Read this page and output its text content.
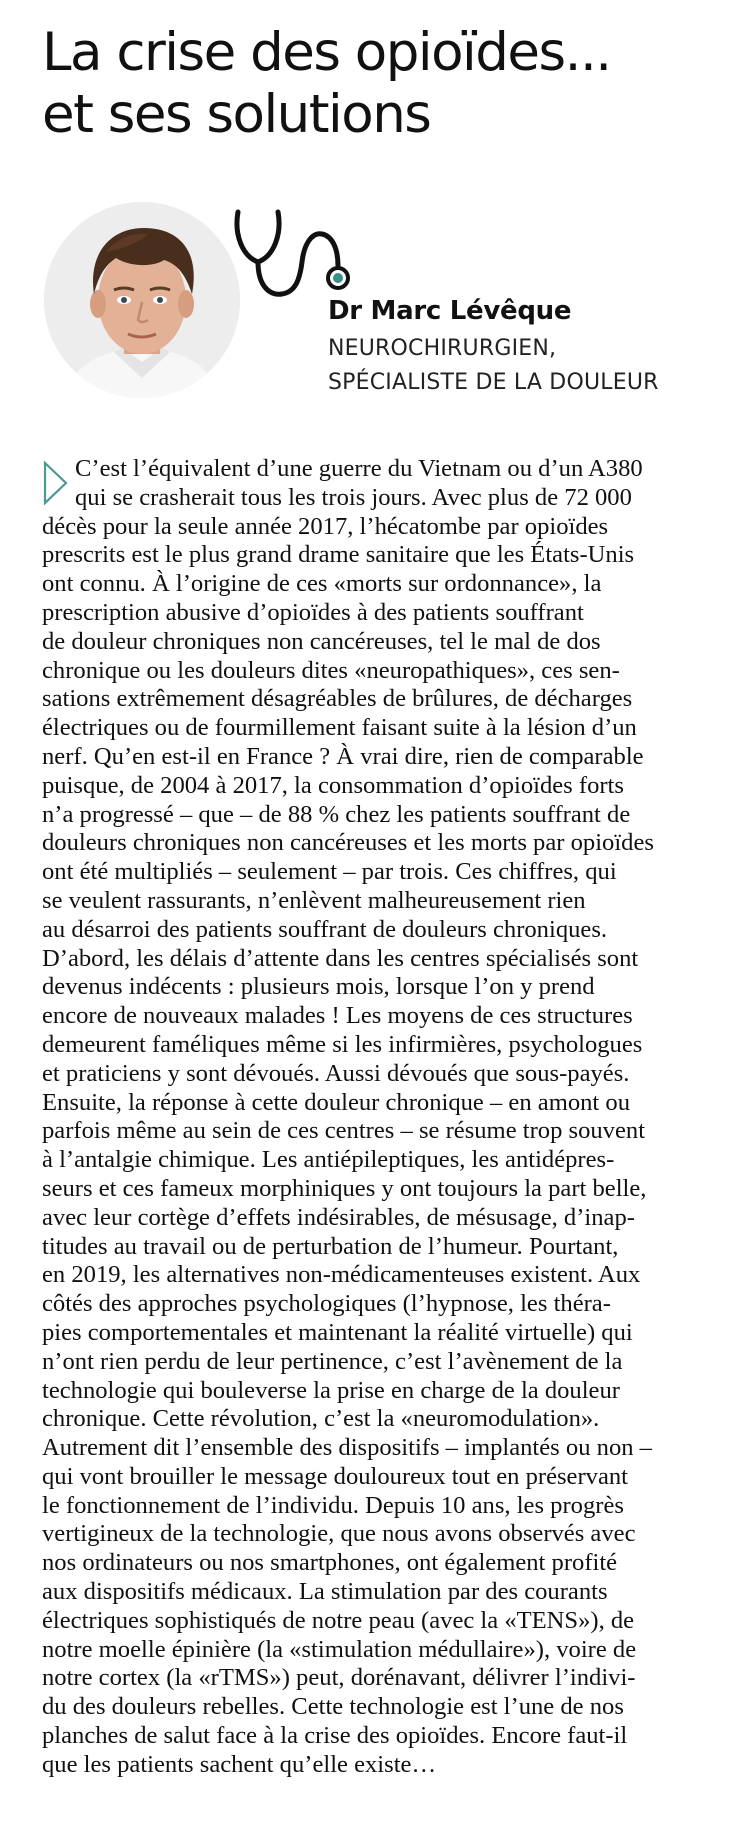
La crise des opioïdes...
et ses solutions
Dr Marc Lévêque
NEUROCHIRURGIEN,
SPÉCIALISTE DE LA DOULEUR
C’est l’équivalent d’une guerre du Vietnam ou d’un A380
qui se crasherait tous les trois jours. Avec plus de 72 000
décès pour la seule année 2017, l’hécatombe par opioïdes
prescrits est le plus grand drame sanitaire que les États-Unis
ont connu. À l’origine de ces «morts sur ordonnance», la
prescription abusive d’opioïdes à des patients souffrant
de douleur chroniques non cancéreuses, tel le mal de dos
chronique ou les douleurs dites «neuropathiques», ces sen-
sations extrêmement désagréables de brûlures, de décharges
électriques ou de fourmillement faisant suite à la lésion d’un
nerf. Qu’en est-il en France ? À vrai dire, rien de comparable
puisque, de 2004 à 2017, la consommation d’opioïdes forts
n’a progressé – que – de 88 % chez les patients souffrant de
douleurs chroniques non cancéreuses et les morts par opioïdes
ont été multipliés – seulement – par trois. Ces chiffres, qui
se veulent rassurants, n’enlèvent malheureusement rien
au désarroi des patients souffrant de douleurs chroniques.
D’abord, les délais d’attente dans les centres spécialisés sont
devenus indécents : plusieurs mois, lorsque l’on y prend
encore de nouveaux malades ! Les moyens de ces structures
demeurent faméliques même si les infirmières, psychologues
et praticiens y sont dévoués. Aussi dévoués que sous-payés.
Ensuite, la réponse à cette douleur chronique – en amont ou
parfois même au sein de ces centres – se résume trop souvent
à l’antalgie chimique. Les antiépileptiques, les antidépres-
seurs et ces fameux morphiniques y ont toujours la part belle,
avec leur cortège d’effets indésirables, de mésusage, d’inap-
titudes au travail ou de perturbation de l’humeur. Pourtant,
en 2019, les alternatives non-médicamenteuses existent. Aux
côtés des approches psychologiques (l’hypnose, les théra-
pies comportementales et maintenant la réalité virtuelle) qui
n’ont rien perdu de leur pertinence, c’est l’avènement de la
technologie qui bouleverse la prise en charge de la douleur
chronique. Cette révolution, c’est la «neuromodulation».
Autrement dit l’ensemble des dispositifs – implantés ou non –
qui vont brouiller le message douloureux tout en préservant
le fonctionnement de l’individu. Depuis 10 ans, les progrès
vertigineux de la technologie, que nous avons observés avec
nos ordinateurs ou nos smartphones, ont également profité
aux dispositifs médicaux. La stimulation par des courants
électriques sophistiqués de notre peau (avec la «TENS»), de
notre moelle épinière (la «stimulation médullaire»), voire de
notre cortex (la «rTMS») peut, dorénavant, délivrer l’indivi-
du des douleurs rebelles. Cette technologie est l’une de nos
planches de salut face à la crise des opioïdes. Encore faut-il
que les patients sachent qu’elle existe…
